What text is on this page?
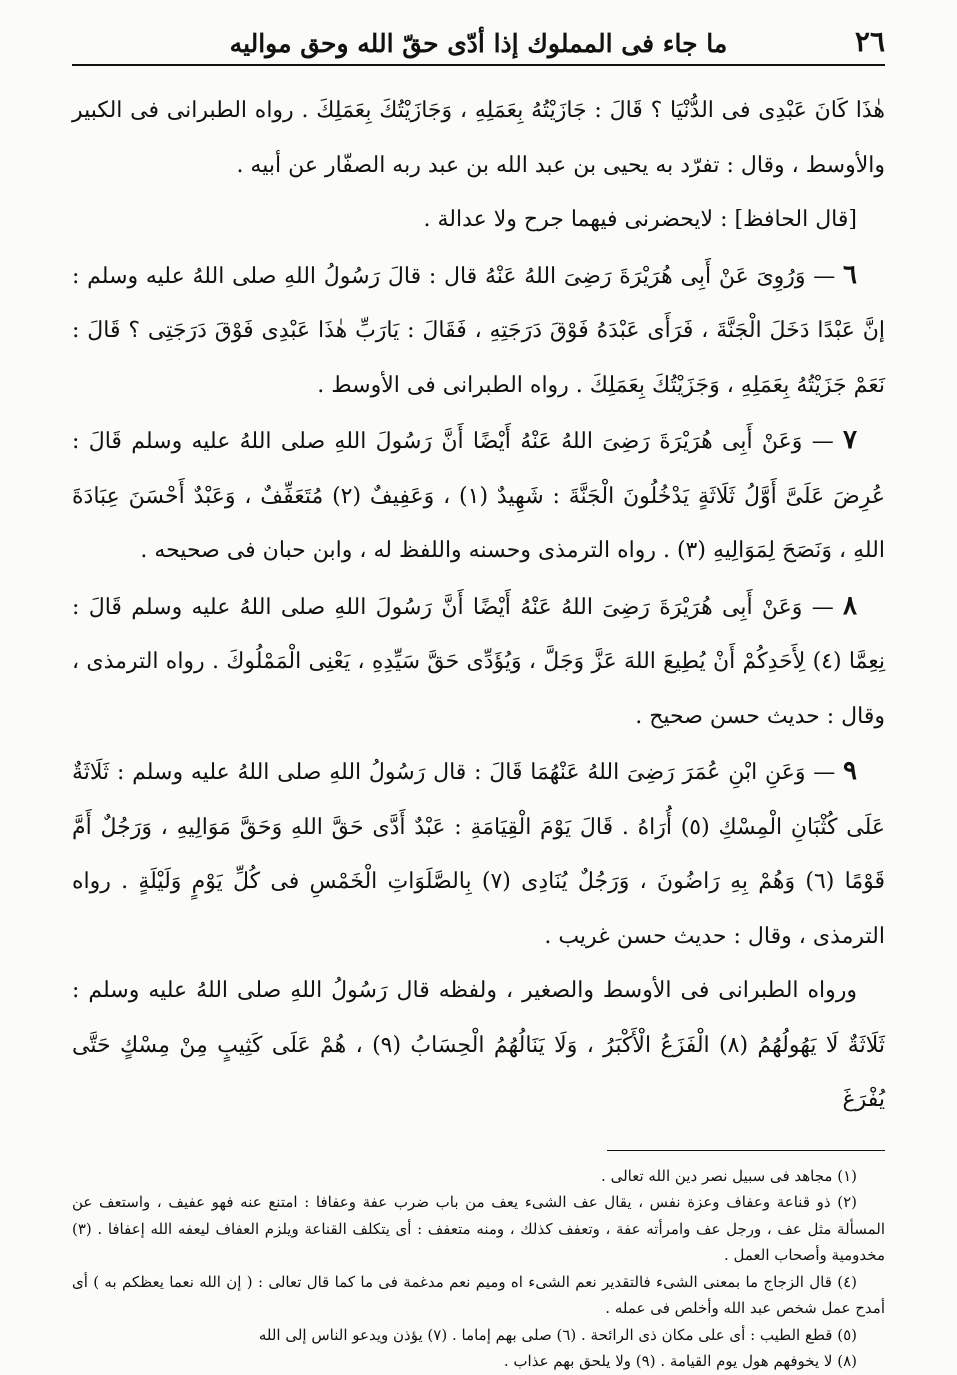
٢٦
ما جاء فى المملوك إذا أدّى حقّ الله وحق مواليه

هٰذَا كَانَ عَبْدِى فى الدُّنْيَا ؟ قَالَ : جَازَيْتُهُ بِعَمَلِهِ ، وَجَازَيْتُكَ بِعَمَلِكَ . رواه الطبرانى فى الكبير والأوسط ، وقال : تفرّد به يحيى بن عبد الله بن عبد ربه الصفّار عن أبيه .

[قال الحافظ] : لايحضرنى فيهما جرح ولا عدالة .

٦ — وَرُوِىَ عَنْ أَبِى هُرَيْرَةَ رَضِىَ اللهُ عَنْهُ قال : قالَ رَسُولُ اللهِ صلى اللهُ عليه وسلم : إنَّ عَبْدًا دَخَلَ الْجَنَّةَ ، فَرَأَى عَبْدَهُ فَوْقَ دَرَجَتِهِ ، فَقَالَ : يَارَبِّ هٰذَا عَبْدِى فَوْقَ دَرَجَتِى ؟ قَالَ : نَعَمْ جَزَيْتُهُ بِعَمَلِهِ ، وَجَزَيْتُكَ بِعَمَلِكَ . رواه الطبرانى فى الأوسط .

٧ — وَعَنْ أَبِى هُرَيْرَةَ رَضِىَ اللهُ عَنْهُ أَيْضًا أَنَّ رَسُولَ اللهِ صلى اللهُ عليه وسلم قَالَ : عُرِضَ عَلَىَّ أَوَّلُ ثَلَاثَةٍ يَدْخُلُونَ الْجَنَّةَ : شَهِيدٌ (١) ، وَعَفِيفٌ (٢) مُتَعَفِّفٌ ، وَعَبْدٌ أَحْسَنَ عِبَادَةَ اللهِ ، وَنَصَحَ لِمَوَالِيهِ (٣) . رواه الترمذى وحسنه واللفظ له ، وابن حبان فى صحيحه .

٨ — وَعَنْ أَبِى هُرَيْرَةَ رَضِىَ اللهُ عَنْهُ أَيْضًا أَنَّ رَسُولَ اللهِ صلى اللهُ عليه وسلم قَالَ : نِعِمَّا (٤) لِأَحَدِكُمْ أَنْ يُطِيعَ اللهَ عَزَّ وَجَلَّ ، وَيُؤَدِّى حَقَّ سَيِّدِهِ ، يَعْنِى الْمَمْلُوكَ . رواه الترمذى ، وقال : حديث حسن صحيح .

٩ — وَعَنِ ابْنِ عُمَرَ رَضِىَ اللهُ عَنْهُمَا قَالَ : قال رَسُولُ اللهِ صلى اللهُ عليه وسلم : ثَلَاثَةٌ عَلَى كُثْبَانِ الْمِسْكِ (٥) أُرَاهُ . قَالَ يَوْمَ الْقِيَامَةِ : عَبْدٌ أَدَّى حَقَّ اللهِ وَحَقَّ مَوَالِيهِ ، وَرَجُلٌ أَمَّ قَوْمًا (٦) وَهُمْ بِهِ رَاضُونَ ، وَرَجُلٌ يُنَادِى (٧) بِالصَّلَوَاتِ الْخَمْسِ فى كُلِّ يَوْمٍ وَلَيْلَةٍ . رواه الترمذى ، وقال : حديث حسن غريب .

ورواه الطبرانى فى الأوسط والصغير ، ولفظه قال رَسُولُ اللهِ صلى اللهُ عليه وسلم : ثَلَاثَةٌ لَا يَهُولُهُمُ (٨) الْفَزَعُ الْأَكْبَرُ ، وَلَا يَنَالُهُمُ الْحِسَابُ (٩) ، هُمْ عَلَى كَثِيبٍ مِنْ مِسْكٍ حَتَّى يُفْرَغَ

(١) مجاهد فى سبيل نصر دين الله تعالى .

(٢) ذو قناعة وعفاف وعزة نفس ، يقال عف الشىء يعف من باب ضرب عفة وعفافا : امتنع عنه فهو عفيف ، واستعف عن المسألة مثل عف ، ورجل عف وامرأته عفة ، وتعفف كذلك ، ومنه متعفف : أى يتكلف القناعة ويلزم العفاف ليعفه الله إعفافا . (٣) مخدومية وأصحاب العمل .

(٤) قال الزجاج ما بمعنى الشىء فالتقدير نعم الشىء اه وميم نعم مدغمة فى ما كما قال تعالى : ( إن الله نعما يعظكم به ) أى أمدح عمل شخص عبد الله وأخلص فى عمله .

(٥) قطع الطيب : أى على مكان ذى الرائحة . (٦) صلى بهم إماما . (٧) يؤذن ويدعو الناس إلى الله

(٨) لا يخوفهم هول يوم القيامة . (٩) ولا يلحق بهم عذاب .
